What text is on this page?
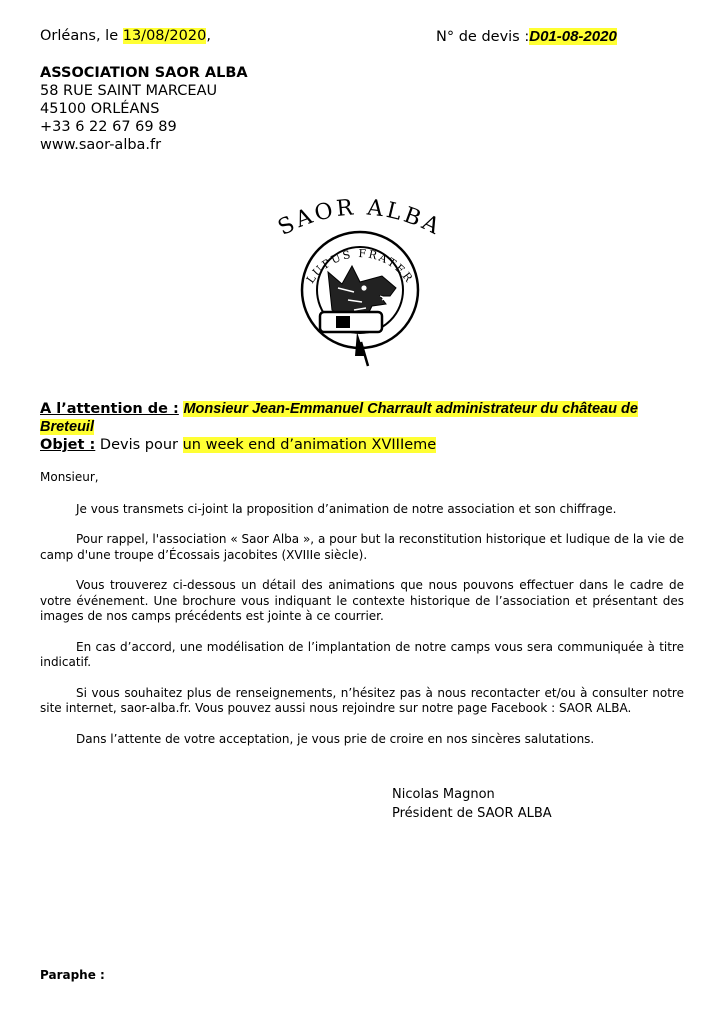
Orléans, le 13/08/2020,	N° de devis :D01-08-2020
ASSOCIATION SAOR ALBA
58 RUE SAINT MARCEAU
45100 ORLÉANS
+33 6 22 67 69 89
www.saor-alba.fr
SAOR ALBA
LUPUS FRATER
A l’attention de : Monsieur Jean-Emmanuel Charrault administrateur du château de Breteuil
Objet : Devis pour un week end d’animation XVIIIeme

Monsieur,

Je vous transmets ci-joint la proposition d’animation de notre association et son chiffrage.

Pour rappel, l'association « Saor Alba », a pour but la reconstitution historique et ludique de la vie de camp d'une troupe d’Écossais jacobites (XVIIIe siècle).

Vous trouverez ci-dessous un détail des animations que nous pouvons effectuer dans le cadre de votre événement. Une brochure vous indiquant le contexte historique de l’association et présentant des images de nos camps précédents est jointe à ce courrier.

En cas d’accord, une modélisation de l’implantation de notre camps vous sera communiquée à titre indicatif.

Si vous souhaitez plus de renseignements, n’hésitez pas à nous recontacter et/ou à consulter notre site internet, saor-alba.fr. Vous pouvez aussi nous rejoindre sur notre page Facebook : SAOR ALBA.

Dans l’attente de votre acceptation, je vous prie de croire en nos sincères salutations.

Nicolas Magnon
Président de SAOR ALBA
Paraphe :
